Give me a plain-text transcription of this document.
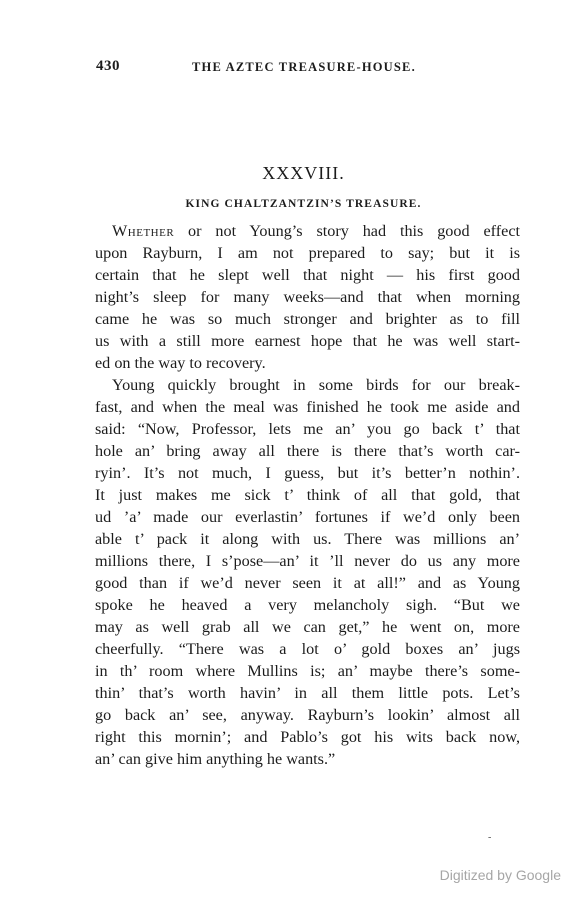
430	THE AZTEC TREASURE-HOUSE.
XXXVIII.
KING CHALTZANTZIN’S TREASURE.
Whether or not Young’s story had this good effect
upon Rayburn, I am not prepared to say; but it is
certain that he slept well that night — his first good
night’s sleep for many weeks—and that when morning
came he was so much stronger and brighter as to fill
us with a still more earnest hope that he was well start-
ed on the way to recovery.
Young quickly brought in some birds for our break-
fast, and when the meal was finished he took me aside and
said: “Now, Professor, lets me an’ you go back t’ that
hole an’ bring away all there is there that’s worth car-
ryin’. It’s not much, I guess, but it’s better’n nothin’.
It just makes me sick t’ think of all that gold, that
ud ’a’ made our everlastin’ fortunes if we’d only been
able t’ pack it along with us. There was millions an’
millions there, I s’pose—an’ it ’ll never do us any more
good than if we’d never seen it at all!” and as Young
spoke he heaved a very melancholy sigh. “But we
may as well grab all we can get,” he went on, more
cheerfully. “There was a lot o’ gold boxes an’ jugs
in th’ room where Mullins is; an’ maybe there’s some-
thin’ that’s worth havin’ in all them little pots. Let’s
go back an’ see, anyway. Rayburn’s lookin’ almost all
right this mornin’; and Pablo’s got his wits back now,
an’ can give him anything he wants.”
-
Digitized by Google
